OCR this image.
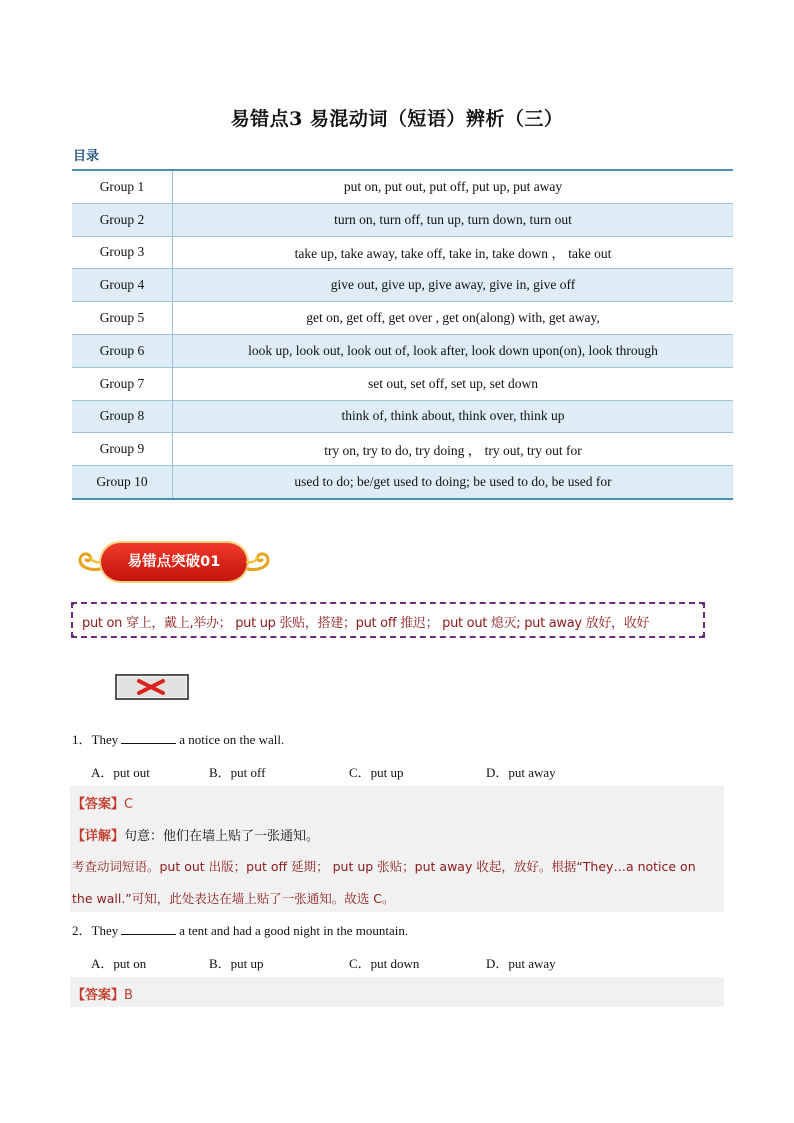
易错点3 易混动词（短语）辨析（三）
目录
Group 1	put on, put out, put off, put up, put away
Group 2	turn on, turn off, tun up, turn down, turn out
Group 3	take up, take away, take off, take in, take down ， take out
Group 4	give out, give up, give away, give in, give off
Group 5	get on, get off, get over , get on(along) with, get away,
Group 6	look up, look out, look out of, look after, look down upon(on), look through
Group 7	set out, set off, set up, set down
Group 8	think of, think about, think over, think up
Group 9	try on, try to do, try doing ， try out, try out for
Group 10	used to do; be/get used to doing; be used to do, be used for
易错点突破01
put on 穿上，戴上,举办； put up 张贴，搭建；put off 推迟； put out 熄灭; put away 放好，收好
1．They	a notice on the wall.
A．put out	B．put off	C．put up	D．put away
【答案】C
【详解】句意：他们在墙上贴了一张通知。
考查动词短语。put out 出版；put off 延期； put up 张贴；put away 收起，放好。根据“They…a notice on
the wall.”可知，此处表达在墙上贴了一张通知。故选 C。
2．They	a tent and had a good night in the mountain.
A．put on	B．put up	C．put down	D．put away
【答案】B
